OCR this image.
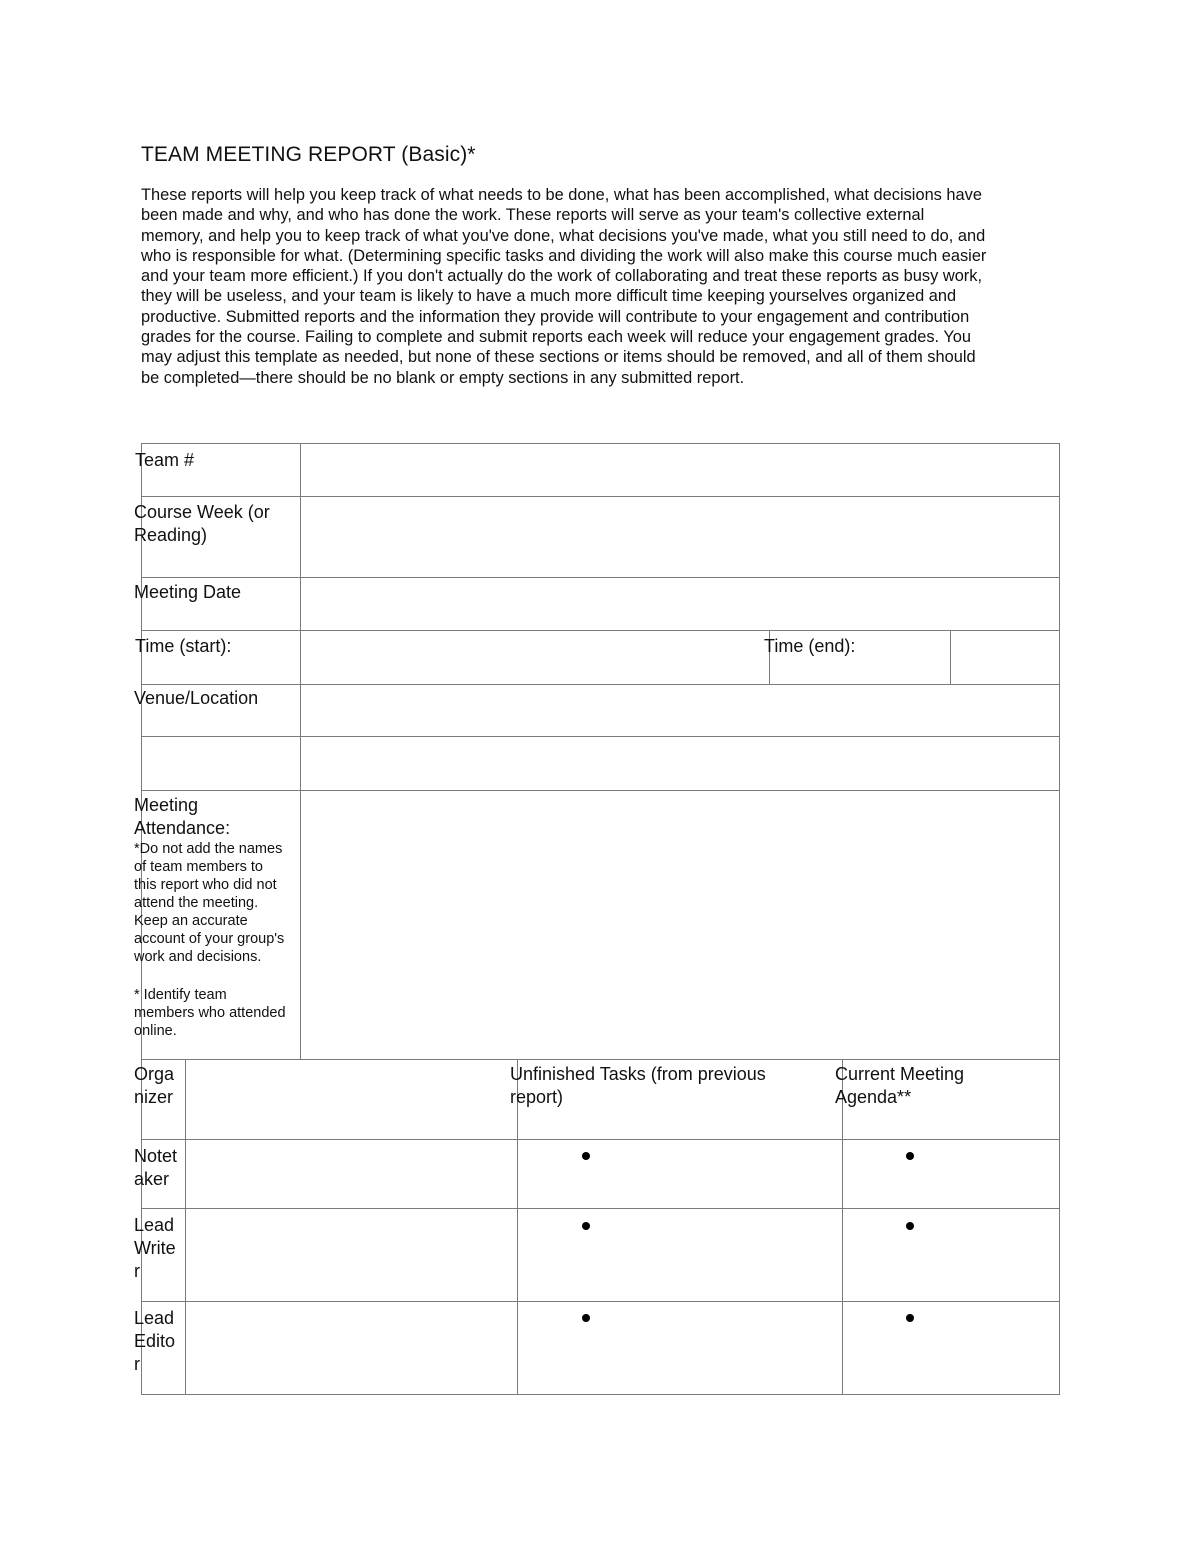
TEAM MEETING REPORT (Basic)*
These reports will help you keep track of what needs to be done, what has been accomplished, what decisions have
been made and why, and who has done the work. These reports will serve as your team's collective external
memory, and help you to keep track of what you've done, what decisions you've made, what you still need to do, and
who is responsible for what. (Determining specific tasks and dividing the work will also make this course much easier
and your team more efficient.) If you don't actually do the work of collaborating and treat these reports as busy work,
they will be useless, and your team is likely to have a much more difficult time keeping yourselves organized and
productive. Submitted reports and the information they provide will contribute to your engagement and contribution
grades for the course. Failing to complete and submit reports each week will reduce your engagement grades. You
may adjust this template as needed, but none of these sections or items should be removed, and all of them should
be completed—there should be no blank or empty sections in any submitted report.
Team #
Course Week (or
Reading)
Meeting Date
Time (start):	Time (end):
Venue/Location
Meeting
Attendance:
*Do not add the names
of team members to
this report who did not
attend the meeting.
Keep an accurate
account of your group's
work and decisions.
* Identify team
members who attended
online.
Orga
nizer
Unfinished Tasks (from previous
report)
Current Meeting
Agenda**
Notet
aker
Lead
Write
r
Lead
Edito
r
